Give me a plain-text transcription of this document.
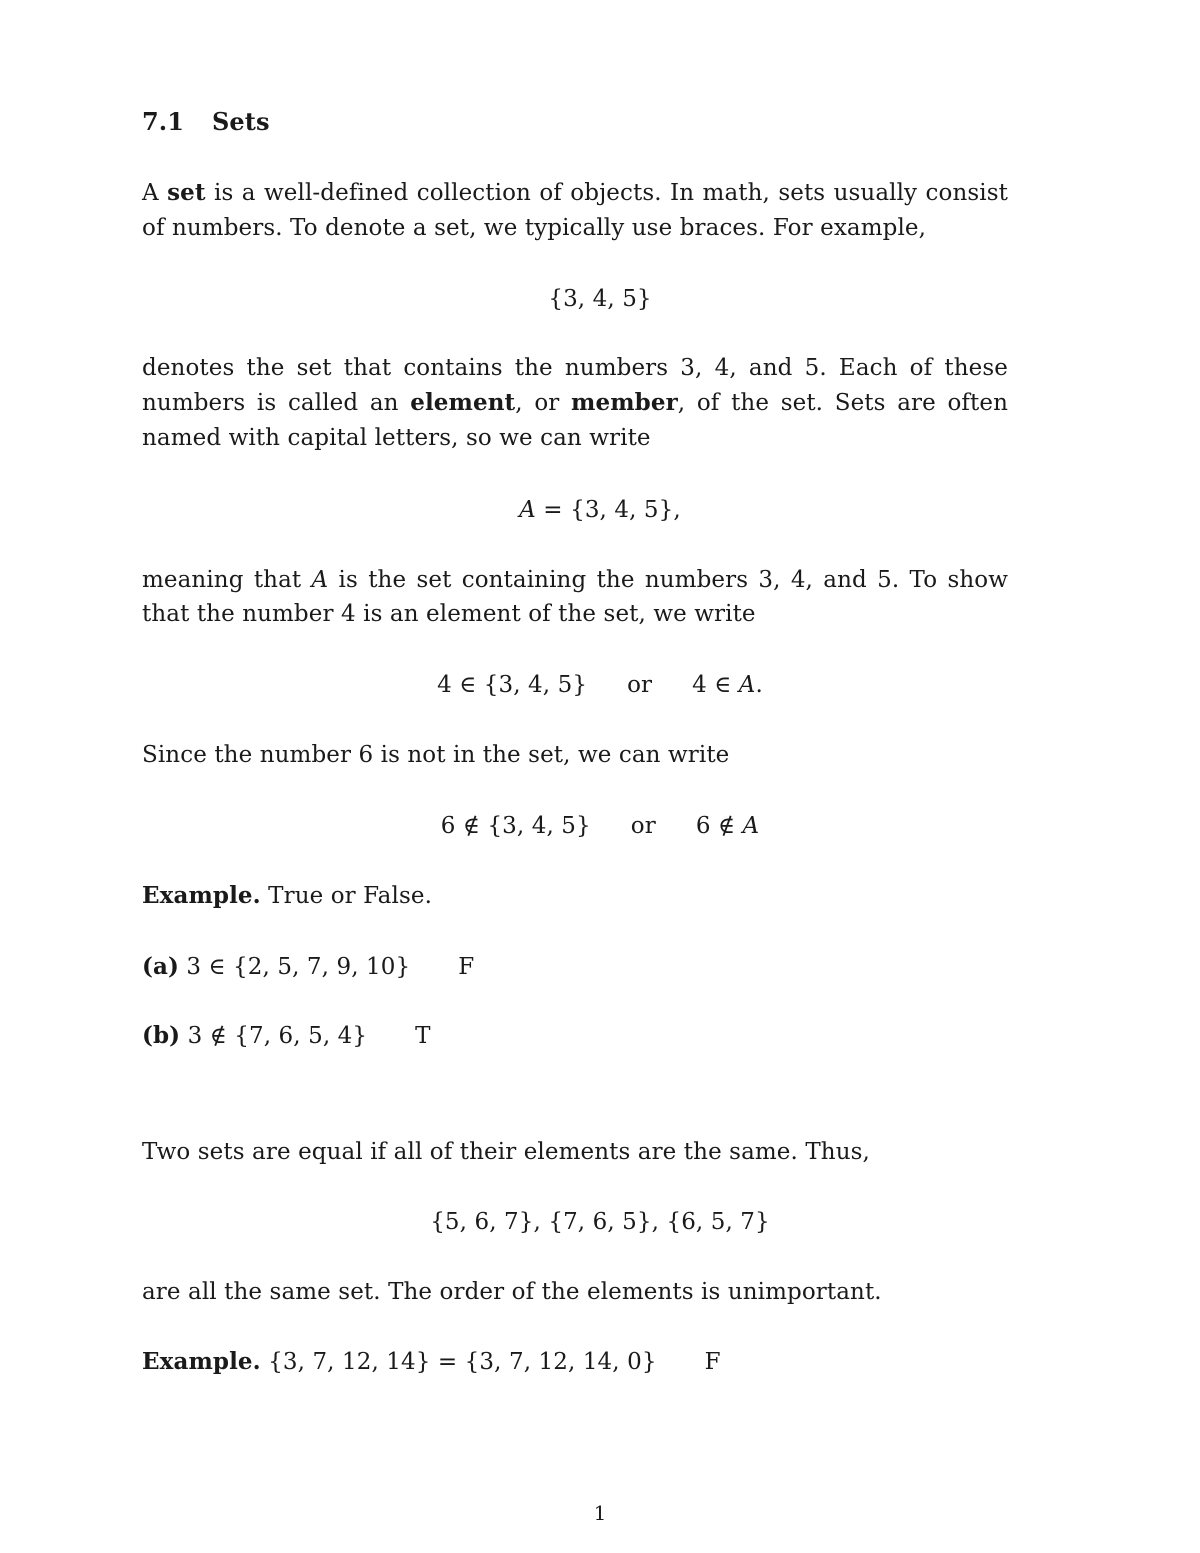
7.1 Sets
A set is a well-defined collection of objects. In math, sets usually consist
of numbers. To denote a set, we typically use braces. For example,
{3, 4, 5}
denotes the set that contains the numbers 3, 4, and 5. Each of these
numbers is called an element, or member, of the set. Sets are often
named with capital letters, so we can write
A = {3, 4, 5},
meaning that A is the set containing the numbers 3, 4, and 5. To show
that the number 4 is an element of the set, we write
4 ∈ {3, 4, 5} or 4 ∈ A.
Since the number 6 is not in the set, we can write
6 ∉ {3, 4, 5} or 6 ∉ A
Example. True or False.
(a) 3 ∈ {2, 5, 7, 9, 10} F
(b) 3 ∉ {7, 6, 5, 4} T
Two sets are equal if all of their elements are the same. Thus,
{5, 6, 7}, {7, 6, 5}, {6, 5, 7}
are all the same set. The order of the elements is unimportant.
Example. {3, 7, 12, 14} = {3, 7, 12, 14, 0} F
1
